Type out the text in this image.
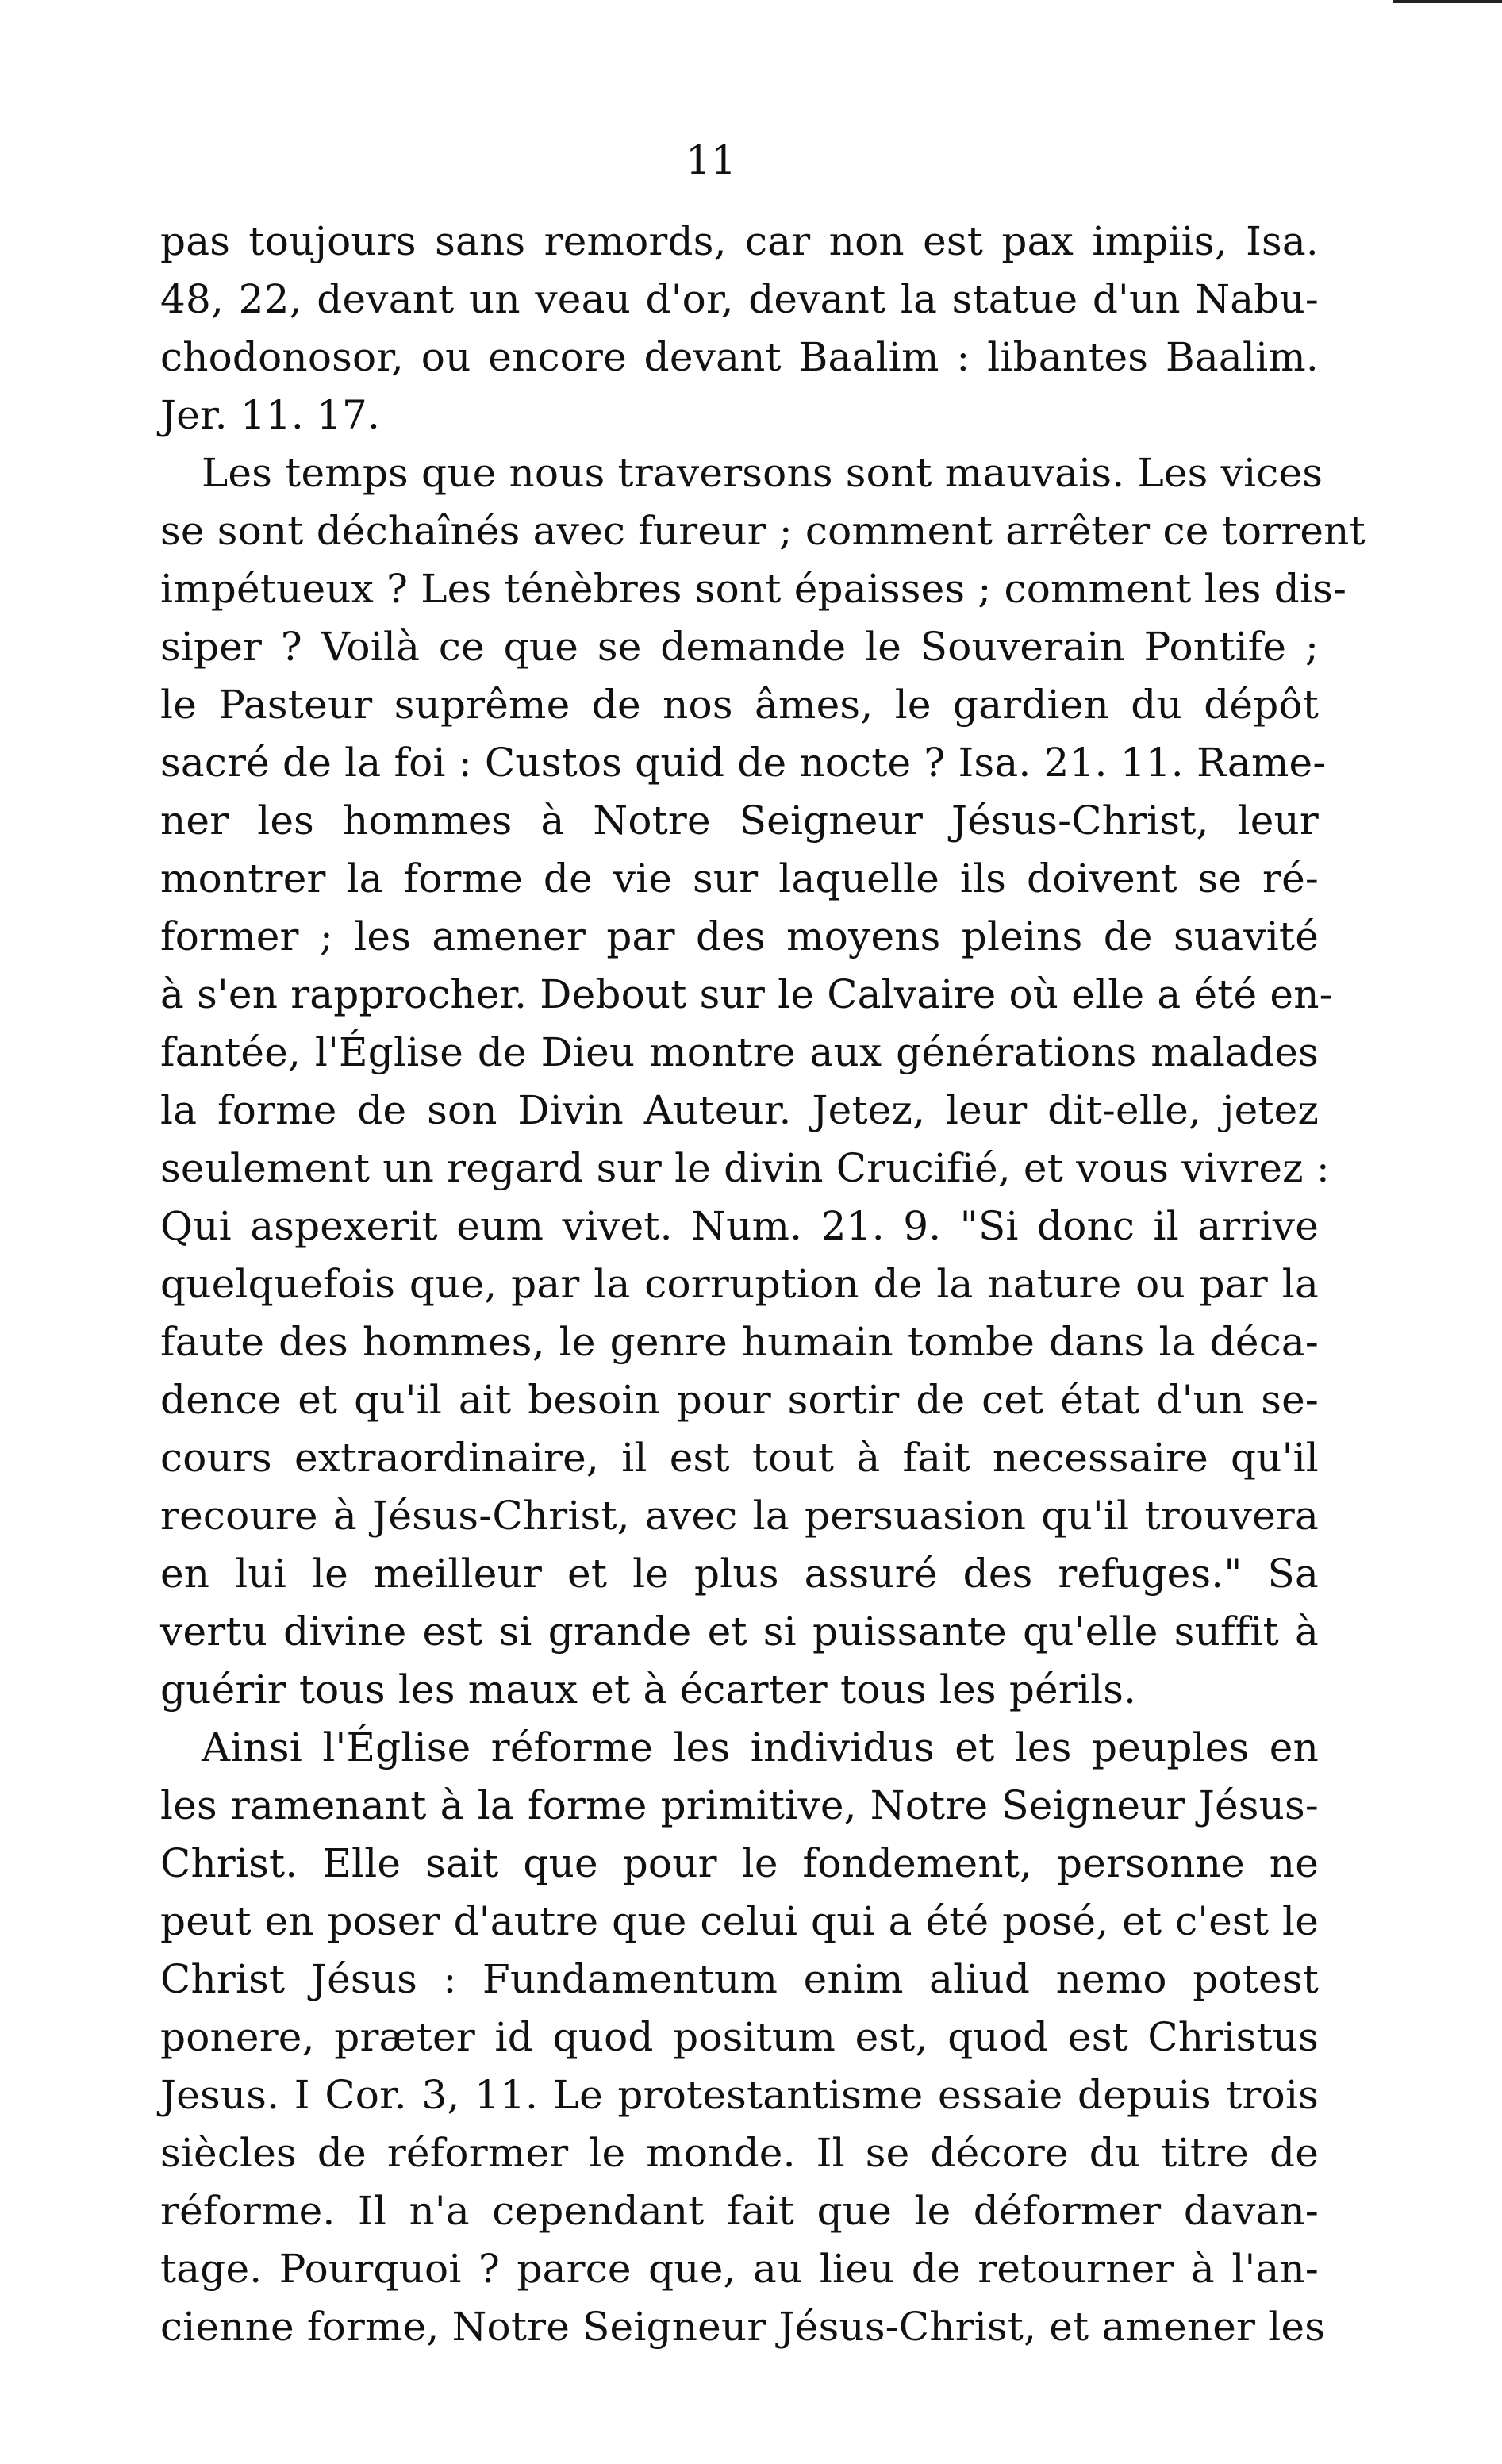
11
pas toujours sans remords, car non est pax impiis, Isa.
48, 22, devant un veau d'or, devant la statue d'un Nabu-
chodonosor, ou encore devant Baalim : libantes Baalim.
Jer. 11. 17.
Les temps que nous traversons sont mauvais. Les vices
se sont déchaînés avec fureur ; comment arrêter ce torrent
impétueux ? Les ténèbres sont épaisses ; comment les dis-
siper ? Voilà ce que se demande le Souverain Pontife ;
le Pasteur suprême de nos âmes, le gardien du dépôt
sacré de la foi : Custos quid de nocte ? Isa. 21. 11. Rame-
ner les hommes à Notre Seigneur Jésus-Christ, leur
montrer la forme de vie sur laquelle ils doivent se ré-
former ; les amener par des moyens pleins de suavité
à s'en rapprocher. Debout sur le Calvaire où elle a été en-
fantée, l'Église de Dieu montre aux générations malades
la forme de son Divin Auteur. Jetez, leur dit-elle, jetez
seulement un regard sur le divin Crucifié, et vous vivrez :
Qui aspexerit eum vivet. Num. 21. 9. "Si donc il arrive
quelquefois que, par la corruption de la nature ou par la
faute des hommes, le genre humain tombe dans la déca-
dence et qu'il ait besoin pour sortir de cet état d'un se-
cours extraordinaire, il est tout à fait necessaire qu'il
recoure à Jésus-Christ, avec la persuasion qu'il trouvera
en lui le meilleur et le plus assuré des refuges." Sa
vertu divine est si grande et si puissante qu'elle suffit à
guérir tous les maux et à écarter tous les périls.
Ainsi l'Église réforme les individus et les peuples en
les ramenant à la forme primitive, Notre Seigneur Jésus-
Christ. Elle sait que pour le fondement, personne ne
peut en poser d'autre que celui qui a été posé, et c'est le
Christ Jésus : Fundamentum enim aliud nemo potest
ponere, præter id quod positum est, quod est Christus
Jesus. I Cor. 3, 11. Le protestantisme essaie depuis trois
siècles de réformer le monde. Il se décore du titre de
réforme. Il n'a cependant fait que le déformer davan-
tage. Pourquoi ? parce que, au lieu de retourner à l'an-
cienne forme, Notre Seigneur Jésus-Christ, et amener les
